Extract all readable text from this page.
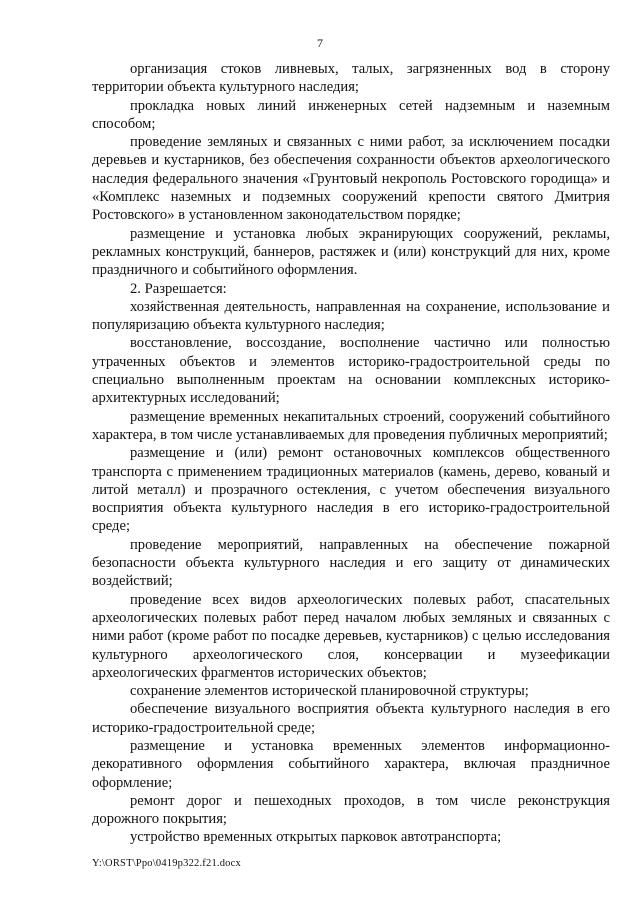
7

организация стоков ливневых, талых, загрязненных вод в сторону территории объекта культурного наследия;

прокладка новых линий инженерных сетей надземным и наземным способом;

проведение земляных и связанных с ними работ, за исключением посадки деревьев и кустарников, без обеспечения сохранности объектов археологического наследия федерального значения «Грунтовый некрополь Ростовского городища» и «Комплекс наземных и подземных сооружений крепости святого Дмитрия Ростовского» в установленном законодательством порядке;

размещение и установка любых экранирующих сооружений, рекламы, рекламных конструкций, баннеров, растяжек и (или) конструкций для них, кроме праздничного и событийного оформления.

2. Разрешается:

хозяйственная деятельность, направленная на сохранение, использование и популяризацию объекта культурного наследия;

восстановление, воссоздание, восполнение частично или полностью утраченных объектов и элементов историко-градостроительной среды по специально выполненным проектам на основании комплексных историко-архитектурных исследований;

размещение временных некапитальных строений, сооружений событийного характера, в том числе устанавливаемых для проведения публичных мероприятий;

размещение и (или) ремонт остановочных комплексов общественного транспорта с применением традиционных материалов (камень, дерево, кованый и литой металл) и прозрачного остекления, с учетом обеспечения визуального восприятия объекта культурного наследия в его историко-градостроительной среде;

проведение мероприятий, направленных на обеспечение пожарной безопасности объекта культурного наследия и его защиту от динамических воздействий;

проведение всех видов археологических полевых работ, спасательных археологических полевых работ перед началом любых земляных и связанных с ними работ (кроме работ по посадке деревьев, кустарников) с целью исследования культурного археологического слоя, консервации и музеефикации археологических фрагментов исторических объектов;

сохранение элементов исторической планировочной структуры;

обеспечение визуального восприятия объекта культурного наследия в его историко-градостроительной среде;

размещение и установка временных элементов информационно-декоративного оформления событийного характера, включая праздничное оформление;

ремонт дорог и пешеходных проходов, в том числе реконструкция дорожного покрытия;

устройство временных открытых парковок автотранспорта;

Y:\ORST\Ppo\0419p322.f21.docx
